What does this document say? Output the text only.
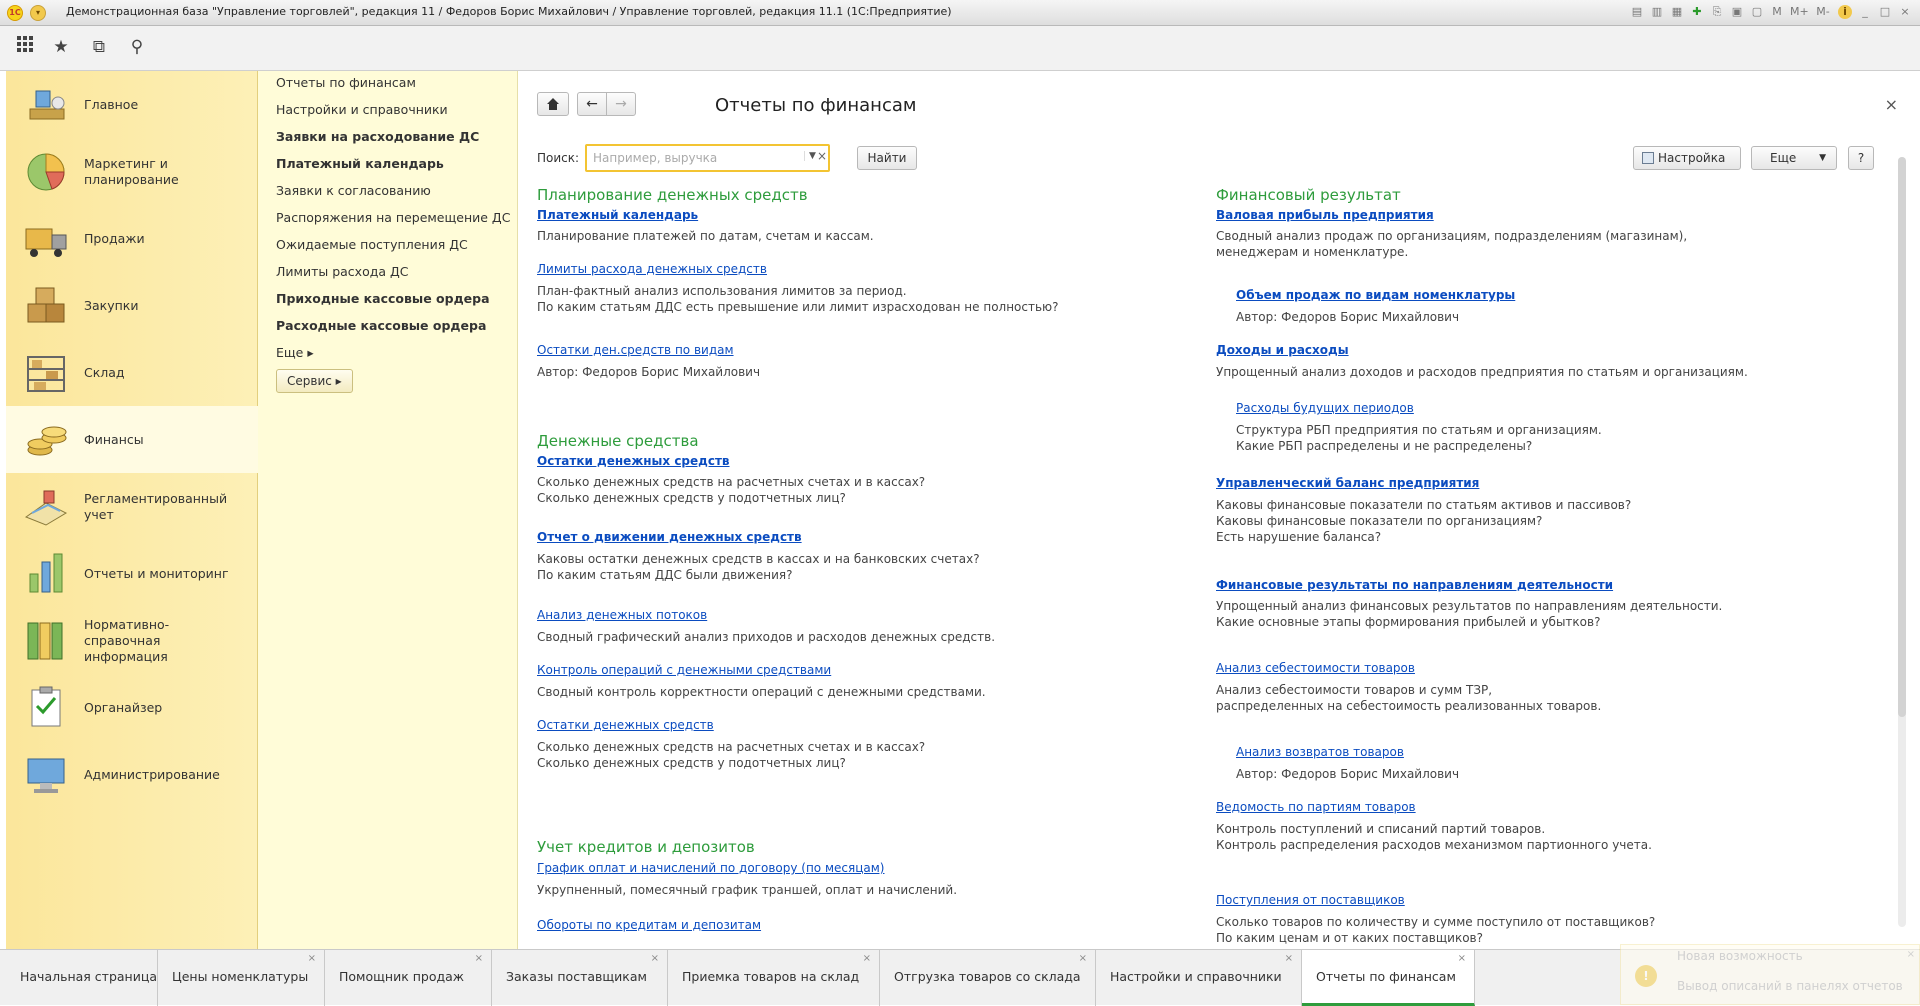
1С	▾	Демонстрационная база "Управление торговлей", редакция 11 / Федоров Борис Михайлович / Управление торговлей, редакция 11.1 (1С:Предприятие)	▤ ▥ ▦ ✚ ⎘ ▣ ▢ M M+ M-	i	_	□ ×
★ ⧉ ⚲
Главное
Маркетинг и планирование
Продажи
Закупки
Склад
Финансы
Регламентированный учет
Отчеты и мониторинг
Нормативно-справочная информация
Органайзер
Администрирование
Отчеты по финансам
Настройки и справочники
Заявки на расходование ДС
Платежный календарь
Заявки к согласованию
Распоряжения на перемещение ДС
Ожидаемые поступления ДС
Лимиты расхода ДС
Приходные кассовые ордера
Расходные кассовые ордера
Еще ▸
Сервис ▸
←	→	Отчеты по финансам	×
Поиск:
Например, выручка	▼ ×	Найти	Настройка	Еще	▼	?
Планирование денежных средств
Платежный календарь
Планирование платежей по датам, счетам и кассам.
Лимиты расхода денежных средств
План-фактный анализ использования лимитов за период.
По каким статьям ДДС есть превышение или лимит израсходован не полностью?
Остатки ден.средств по видам
Автор: Федоров Борис Михайлович
Денежные средства
Остатки денежных средств
Сколько денежных средств на расчетных счетах и в кассах?
Сколько денежных средств у подотчетных лиц?
Отчет о движении денежных средств
Каковы остатки денежных средств в кассах и на банковских счетах?
По каким статьям ДДС были движения?
Анализ денежных потоков
Сводный графический анализ приходов и расходов денежных средств.
Контроль операций с денежными средствами
Сводный контроль корректности операций с денежными средствами.
Остатки денежных средств
Сколько денежных средств на расчетных счетах и в кассах?
Сколько денежных средств у подотчетных лиц?
Учет кредитов и депозитов
График оплат и начислений по договору (по месяцам)
Укрупненный, помесячный график траншей, оплат и начислений.
Обороты по кредитам и депозитам
Финансовый результат
Валовая прибыль предприятия
Сводный анализ продаж по организациям, подразделениям (магазинам),
менеджерам и номенклатуре.
Объем продаж по видам номенклатуры
Автор: Федоров Борис Михайлович
Доходы и расходы
Упрощенный анализ доходов и расходов предприятия по статьям и организациям.
Расходы будущих периодов
Структура РБП предприятия по статьям и организациям.
Какие РБП распределены и не распределены?
Управленческий баланс предприятия
Каковы финансовые показатели по статьям активов и пассивов?
Каковы финансовые показатели по организациям?
Есть нарушение баланса?
Финансовые результаты по направлениям деятельности
Упрощенный анализ финансовых результатов по направлениям деятельности.
Какие основные этапы формирования прибылей и убытков?
Анализ себестоимости товаров
Анализ себестоимости товаров и сумм ТЗР,
распределенных на себестоимость реализованных товаров.
Анализ возвратов товаров
Автор: Федоров Борис Михайлович
Ведомость по партиям товаров
Контроль поступлений и списаний партий товаров.
Контроль распределения расходов механизмом партионного учета.
Поступления от поставщиков
Сколько товаров по количеству и сумме поступило от поставщиков?
По каким ценам и от каких поставщиков?
Начальная страница	Цены номенклатуры
×
Помощник продаж
×
Заказы поставщикам
×
Приемка товаров на склад
×
Отгрузка товаров со склада
×
Настройки и справочники
×
Отчеты по финансам
×
!
Новая возможность
Вывод описаний в панелях отчетов
×
